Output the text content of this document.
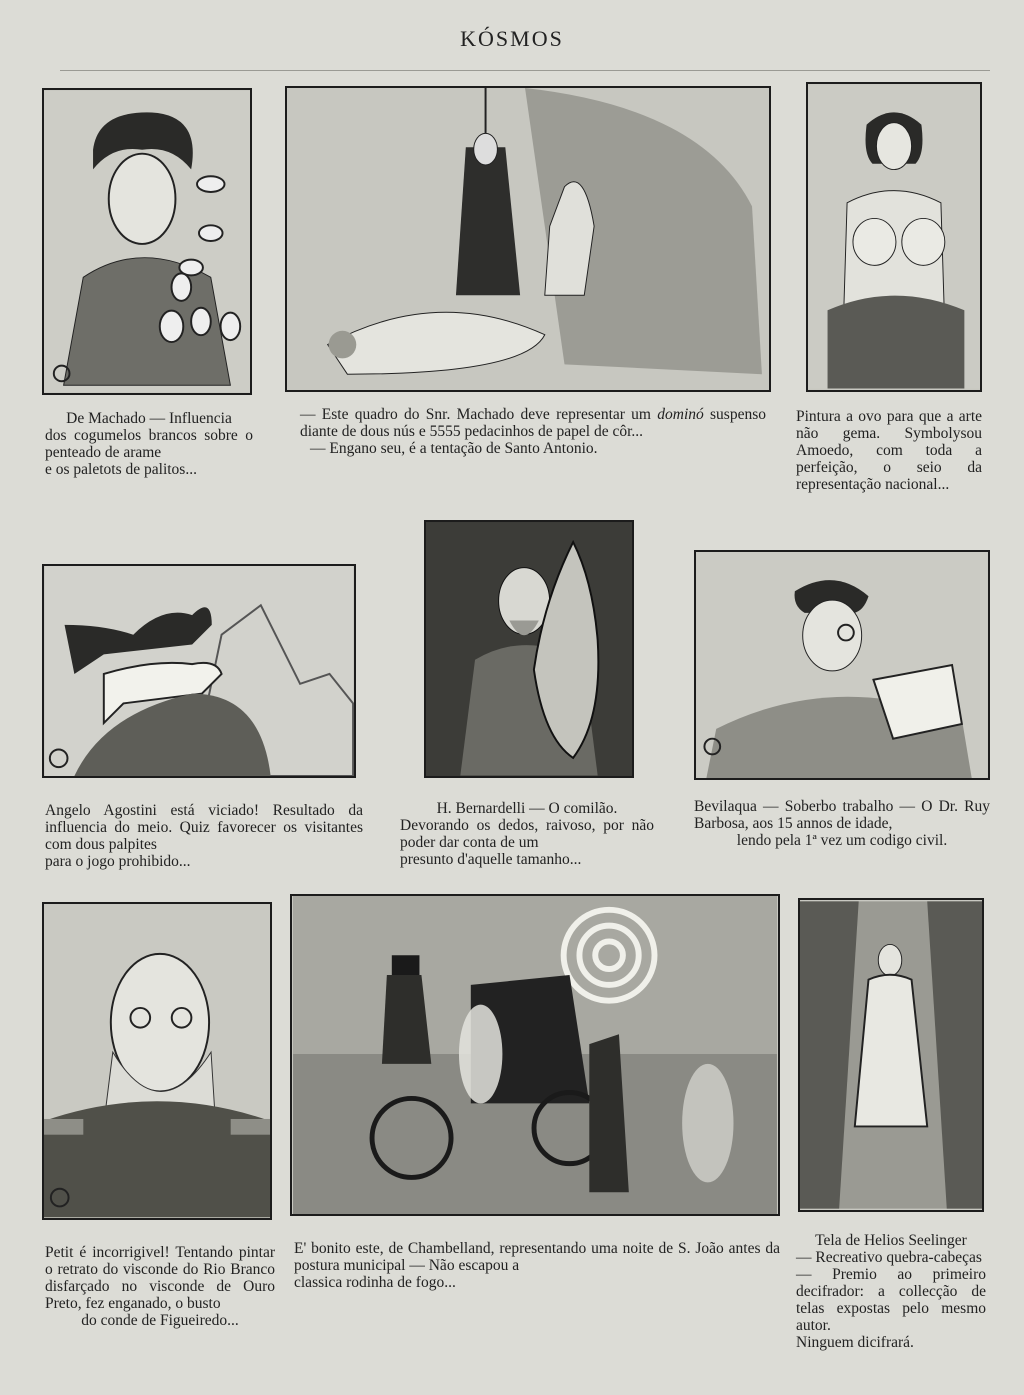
KÓSMOS

De Machado — Influencia

dos cogumelos brancos sobre o penteado de arame

e os paletots de palitos...

— Este quadro do Snr. Machado deve representar um dominó suspenso diante de dous nús e 5555 pedacinhos de papel de côr...

— Engano seu, é a tentação de Santo Antonio.

Pintura a ovo para que a arte não gema. Symbolysou Amoedo, com toda a perfeição, o seio da representação nacional...

Angelo Agostini está viciado! Resultado da influencia do meio. Quiz favorecer os visitantes com dous palpites

para o jogo prohibido...

H. Bernardelli — O comilão.

Devorando os dedos, raivoso, por não poder dar conta de um

presunto d'aquelle tamanho...

Bevilaqua — Soberbo trabalho — O Dr. Ruy Barbosa, aos 15 annos de idade,

lendo pela 1ª vez um codigo civil.

Petit é incorrigivel! Tentando pintar o retrato do visconde do Rio Branco disfarçado no visconde de Ouro Preto, fez enganado, o busto

do conde de Figueiredo...

E' bonito este, de Chambelland, representando uma noite de S. João antes da postura municipal — Não escapou a

classica rodinha de fogo...

Tela de Helios Seelinger

— Recreativo quebra-cabeças

— Premio ao primeiro decifrador: a collecção de telas expostas pelo mesmo autor.

Ninguem dicifrará.
